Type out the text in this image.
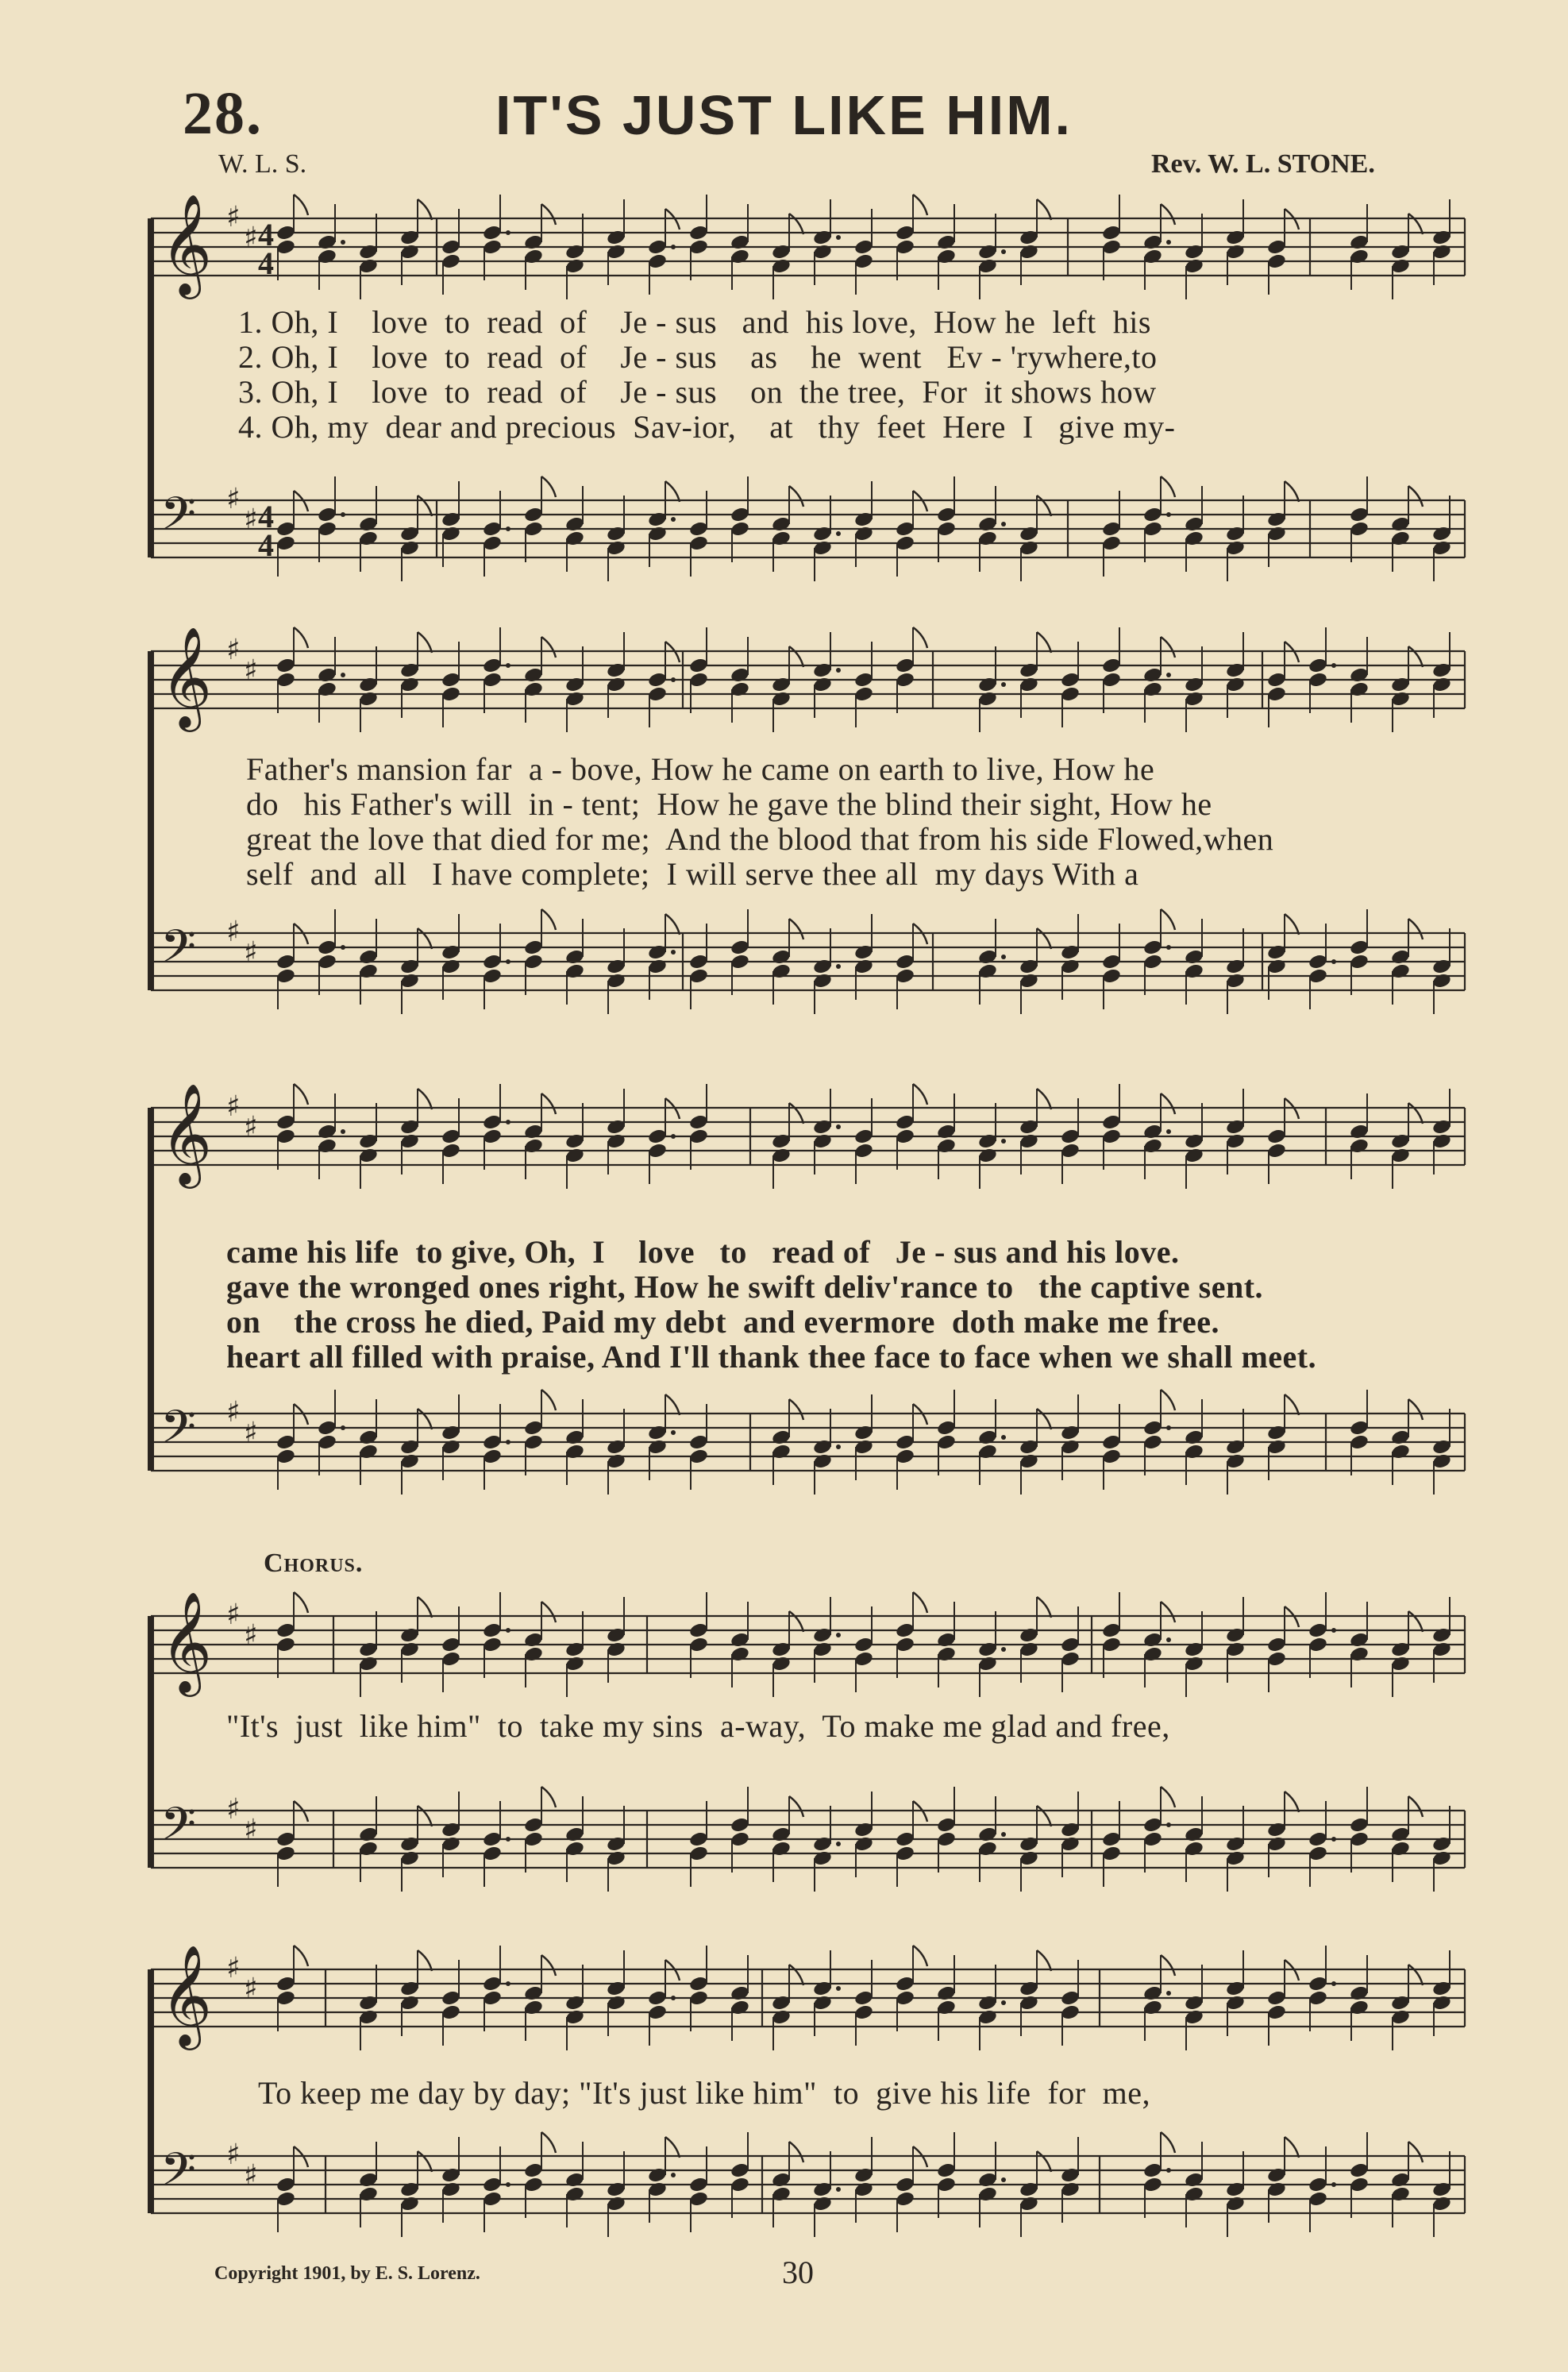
28.	IT'S JUST LIKE HIM.
W. L. S.	Rev. W. L. STONE.
𝄞 ♯
♯
𝄢 ♯
♯
4
4
4
4
1. Oh, I    love  to  read  of    Je - sus   and  his love,  How he  left  his
2. Oh, I    love  to  read  of    Je - sus    as    he  went   Ev - 'rywhere,to
3. Oh, I    love  to  read  of    Je - sus    on  the tree,  For  it shows how
4. Oh, my  dear and precious  Sav-ior,    at   thy  feet  Here  I   give my-
𝄞 ♯
♯
𝄢 ♯
♯
Father's mansion far  a - bove, How he came on earth to live, How he
do   his Father's will  in - tent;  How he gave the blind their sight, How he
great the love that died for me;  And the blood that from his side Flowed,when
self  and  all   I have complete;  I will serve thee all  my days With a
𝄞 ♯
♯
𝄢 ♯
♯
came his life  to give, Oh,  I    love   to   read of   Je - sus and his love.
gave the wronged ones right, How he swift deliv'rance to   the captive sent.
on    the cross he died, Paid my debt  and evermore  doth make me free.
heart all filled with praise, And I'll thank thee face to face when we shall meet.
Chorus.
𝄞 ♯
♯
𝄢 ♯
♯
"It's  just  like him"  to  take my sins  a-way,  To make me glad and free,
𝄞 ♯
♯
𝄢 ♯
♯
To keep me day by day; "It's just like him"  to  give his life  for  me,
Copyright 1901, by E. S. Lorenz.	30
